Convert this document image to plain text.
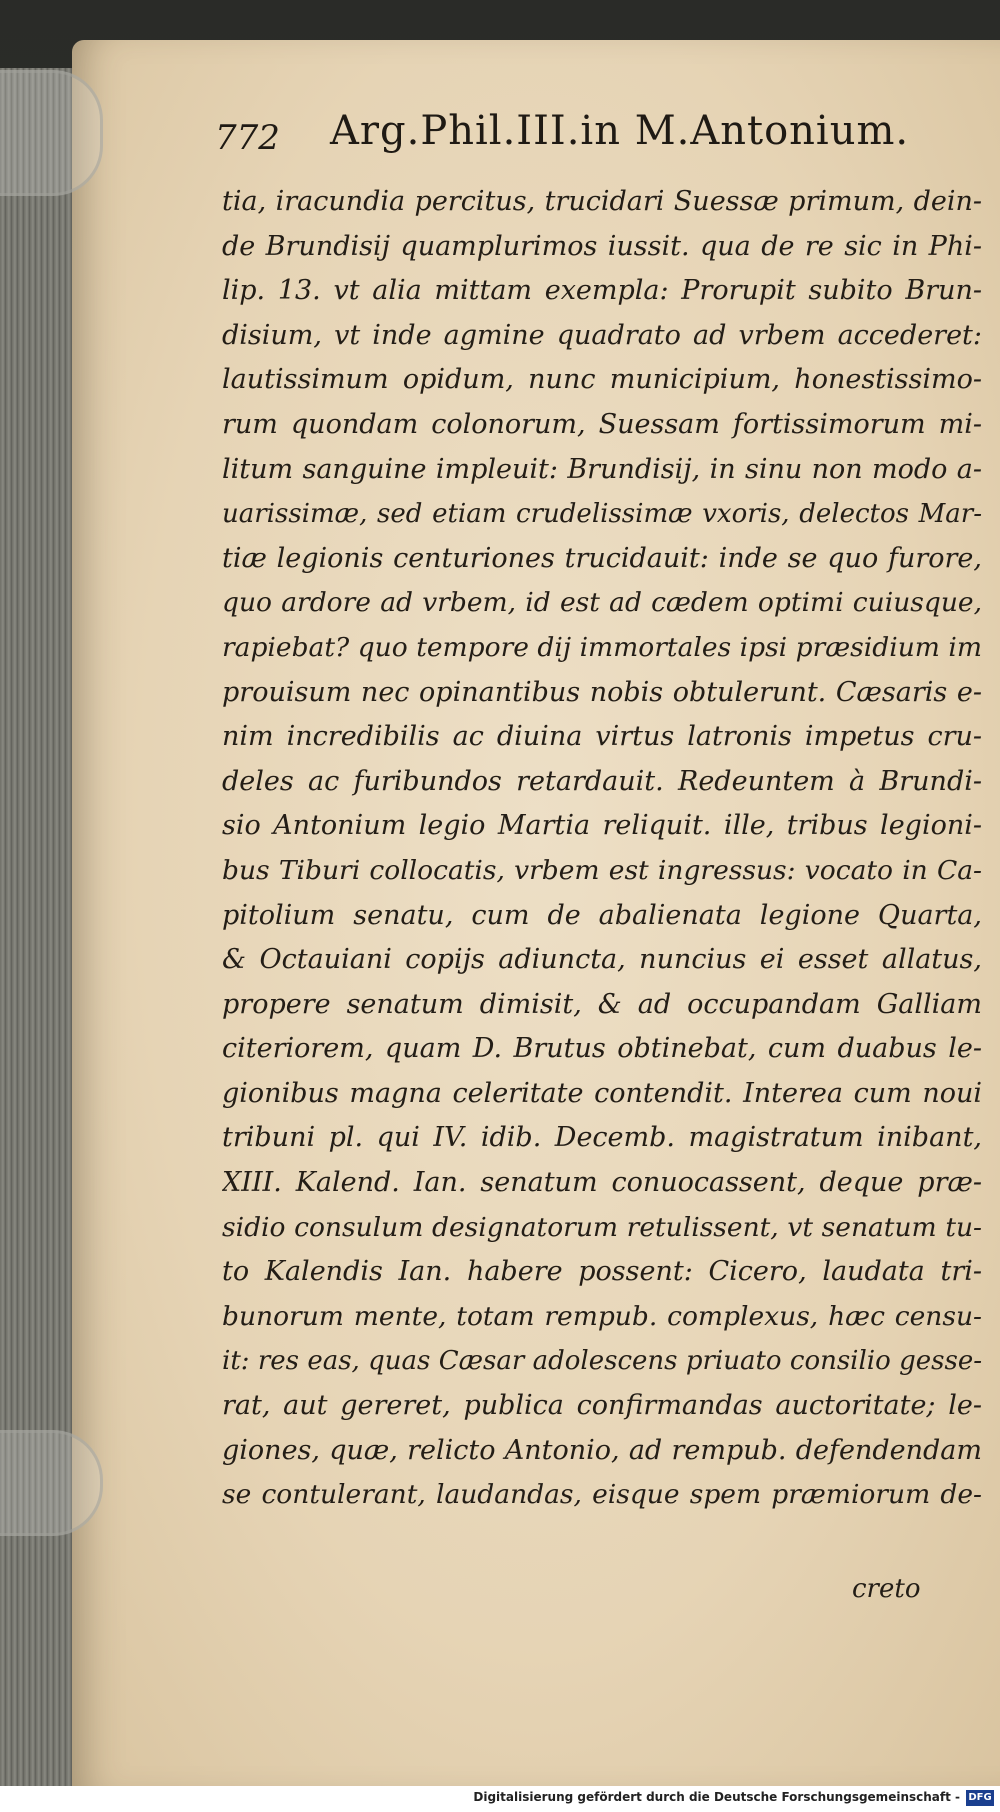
772 Arg.Phil.III.in M.Antonium.
tia, iracundia percitus, trucidari Suessæ primum, dein-
de Brundisij quamplurimos iussit. qua de re sic in Phi-
lip. 13. vt alia mittam exempla: Prorupit subito Brun-
disium, vt inde agmine quadrato ad vrbem accederet:
lautissimum opidum, nunc municipium, honestissimo-
rum quondam colonorum, Suessam fortissimorum mi-
litum sanguine impleuit: Brundisij, in sinu non modo a-
uarissimæ, sed etiam crudelissimæ vxoris, delectos Mar-
tiæ legionis centuriones trucidauit: inde se quo furore,
quo ardore ad vrbem, id est ad cædem optimi cuiusque,
rapiebat? quo tempore dij immortales ipsi præsidium im
prouisum nec opinantibus nobis obtulerunt. Cæsaris e-
nim incredibilis ac diuina virtus latronis impetus cru-
deles ac furibundos retardauit. Redeuntem à Brundi-
sio Antonium legio Martia reliquit. ille, tribus legioni-
bus Tiburi collocatis, vrbem est ingressus: vocato in Ca-
pitolium senatu, cum de abalienata legione Quarta,
& Octauiani copijs adiuncta, nuncius ei esset allatus,
propere senatum dimisit, & ad occupandam Galliam
citeriorem, quam D. Brutus obtinebat, cum duabus le-
gionibus magna celeritate contendit. Interea cum noui
tribuni pl. qui IV. idib. Decemb. magistratum inibant,
XIII. Kalend. Ian. senatum conuocassent, deque præ-
sidio consulum designatorum retulissent, vt senatum tu-
to Kalendis Ian. habere possent: Cicero, laudata tri-
bunorum mente, totam rempub. complexus, hæc censu-
it: res eas, quas Cæsar adolescens priuato consilio gesse-
rat, aut gereret, publica confirmandas auctoritate; le-
giones, quæ, relicto Antonio, ad rempub. defendendam
se contulerant, laudandas, eisque spem præmiorum de-
creto
Digitalisierung gefördert durch die Deutsche Forschungsgemeinschaft - DFG
